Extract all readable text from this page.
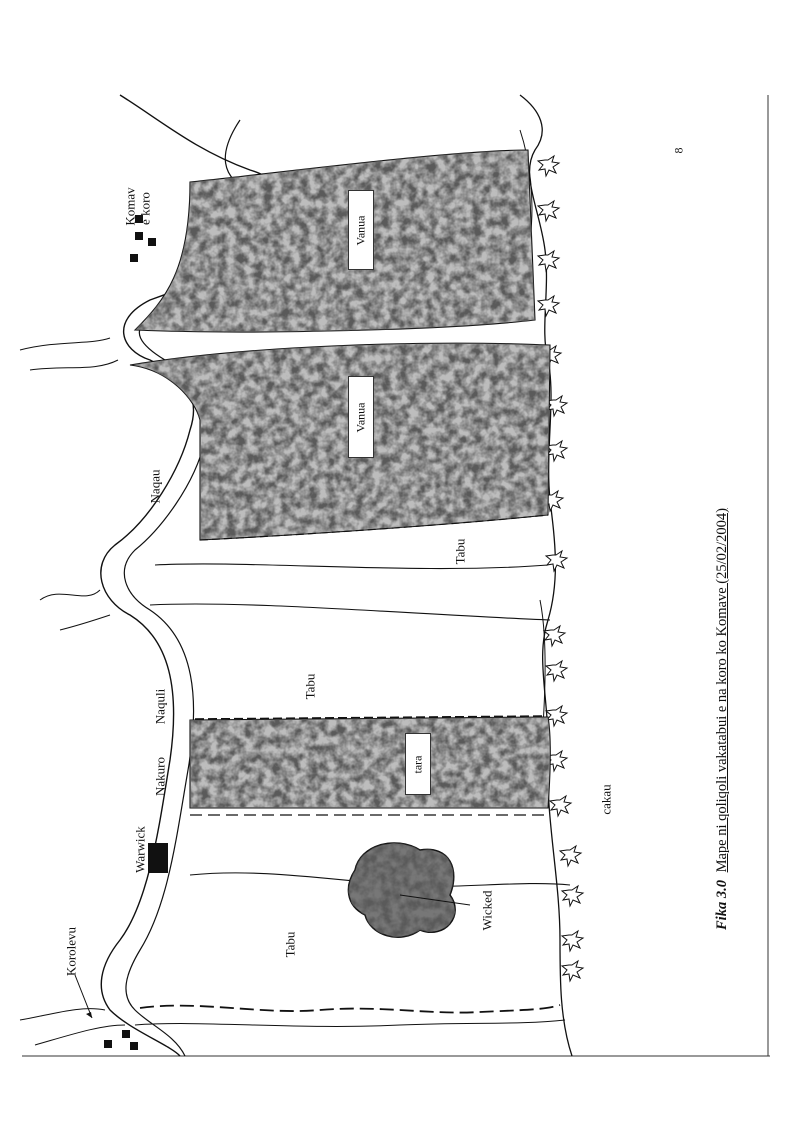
Komav e koro
Naqau
Naquli
Nakuro
Warwick
Korolevu
Tabu
Tabu
Tabu
Wicked
cakau
Vanua
Vanua
tara
Fika 3.0 Mape ni qoliqoli vakatabui e na koro ko Komave (25/02/2004)
8
